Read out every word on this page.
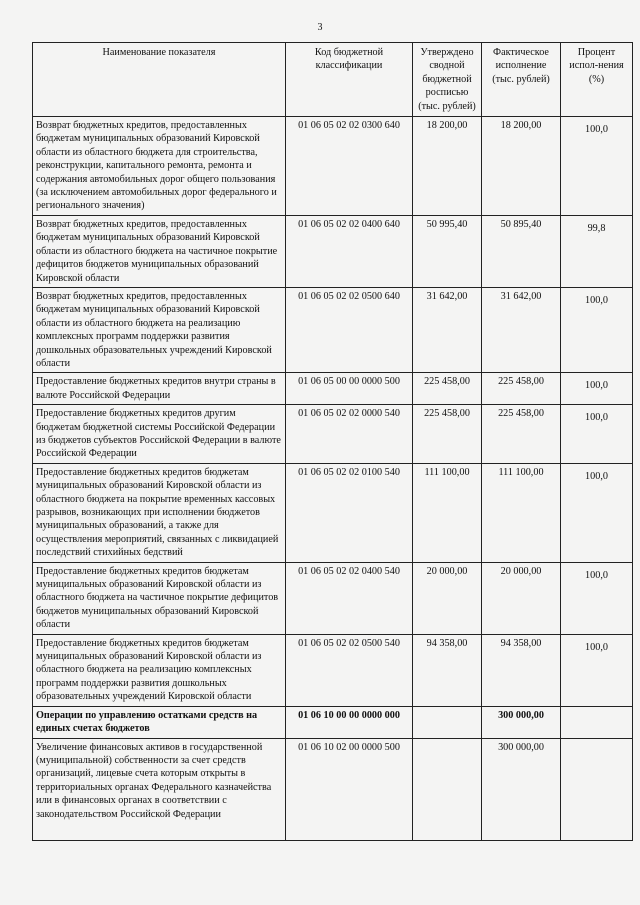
3
Наименование показателя	Код бюджетной классификации	Утверждено сводной бюджетной росписью (тыс. рублей)	Фактическое исполнение (тыс. рублей)	Процент испол-нения (%)
Возврат бюджетных кредитов, предоставленных бюджетам муниципальных образований Кировской области из областного бюджета для строительства, реконструкции, капитального ремонта, ремонта и содержания автомобильных дорог общего пользования (за исключением автомобильных дорог федерального и регионального значения)	01 06 05 02 02 0300 640	18 200,00	18 200,00	100,0
Возврат бюджетных кредитов, предоставленных бюджетам муниципальных образований Кировской области из областного бюджета на частичное покрытие дефицитов бюджетов муниципальных образований Кировской области	01 06 05 02 02 0400 640	50 995,40	50 895,40	99,8
Возврат бюджетных кредитов, предоставленных бюджетам муниципальных образований Кировской области из областного бюджета на реализацию комплексных программ поддержки развития дошкольных образовательных учреждений Кировской области	01 06 05 02 02 0500 640	31 642,00	31 642,00	100,0
Предоставление бюджетных кредитов внутри страны в валюте Российской Федерации	01 06 05 00 00 0000 500	225 458,00	225 458,00	100,0
Предоставление бюджетных кредитов другим бюджетам бюджетной системы Российской Федерации из бюджетов субъектов Российской Федерации в валюте Российской Федерации	01 06 05 02 02 0000 540	225 458,00	225 458,00	100,0
Предоставление бюджетных кредитов бюджетам муниципальных образований Кировской области из областного бюджета на покрытие временных кассовых разрывов, возникающих при исполнении бюджетов муниципальных образований, а также для осуществления мероприятий, связанных с ликвидацией последствий стихийных бедствий	01 06 05 02 02 0100 540	111 100,00	111 100,00	100,0
Предоставление бюджетных кредитов бюджетам муниципальных образований Кировской области из областного бюджета на частичное покрытие дефицитов бюджетов муниципальных образований Кировской области	01 06 05 02 02 0400 540	20 000,00	20 000,00	100,0
Предоставление бюджетных кредитов бюджетам муниципальных образований Кировской области из областного бюджета на реализацию комплексных программ поддержки развития дошкольных образовательных учреждений Кировской области	01 06 05 02 02 0500 540	94 358,00	94 358,00	100,0
Операции по управлению остатками средств на единых счетах бюджетов	01 06 10 00 00 0000 000		300 000,00	
Увеличение финансовых активов в государственной (муниципальной) собственности за счет средств организаций, лицевые счета которым открыты в территориальных органах Федерального казначейства или в финансовых органах в соответствии с законодательством Российской Федерации	01 06 10 02 00 0000 500		300 000,00	
